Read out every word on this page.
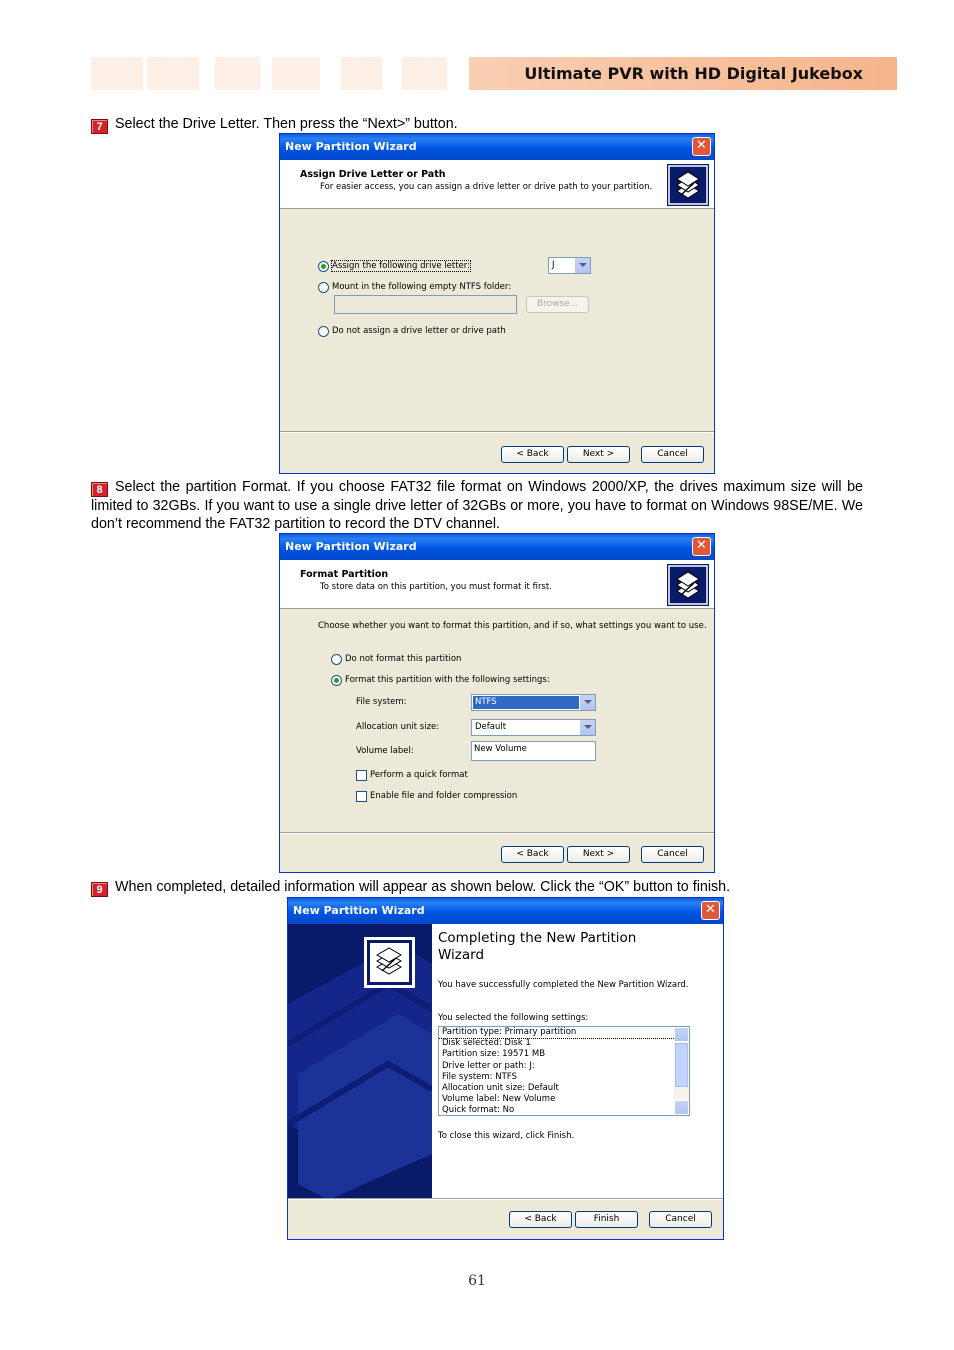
Ultimate PVR with HD Digital Jukebox
7 Select the Drive Letter. Then press the “Next>” button.
New Partition Wizard	✕
Assign Drive Letter or Path
For easier access, you can assign a drive letter or drive path to your partition.
Assign the following drive letter:	J
Mount in the following empty NTFS folder:
Browse...
Do not assign a drive letter or drive path
< Back	Next >	Cancel
8 Select the partition Format. If you choose FAT32 file format on Windows 2000/XP, the drives maximum size will be limited to 32GBs. If you want to use a single drive letter of 32GBs or more, you have to format on Windows 98SE/ME. We don’t recommend the FAT32 partition to record the DTV channel.
New Partition Wizard	✕
Format Partition
To store data on this partition, you must format it first.
Choose whether you want to format this partition, and if so, what settings you want to use.
Do not format this partition
Format this partition with the following settings:
File system:	NTFS
Allocation unit size:	Default
Volume label:	New Volume
Perform a quick format
Enable file and folder compression
< Back	Next >	Cancel
9 When completed, detailed information will appear as shown below. Click the “OK” button to finish.
New Partition Wizard	✕
Completing the New Partition Wizard
You have successfully completed the New Partition Wizard.
You selected the following settings:
Partition type: Primary partition
Disk selected: Disk 1
Partition size: 19571 MB
Drive letter or path: J:
File system: NTFS
Allocation unit size: Default
Volume label: New Volume
Quick format: No
To close this wizard, click Finish.
< Back	Finish	Cancel
61
